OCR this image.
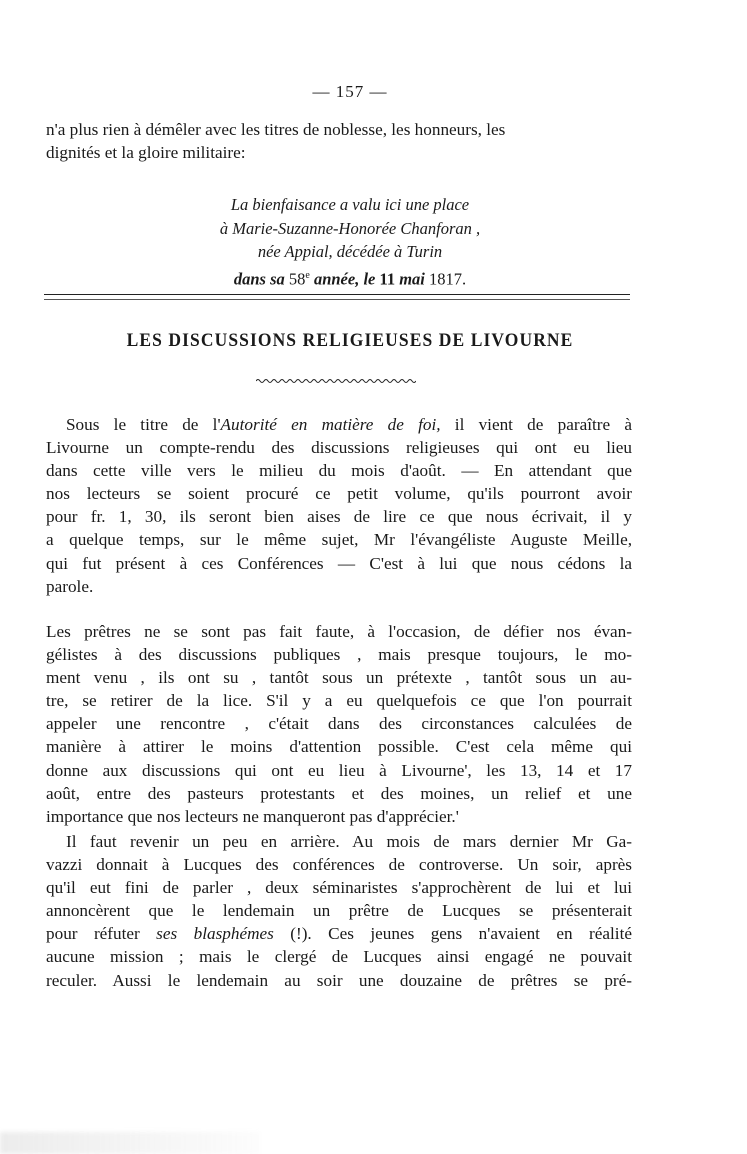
— 157 —
n'a plus rien à démêler avec les titres de noblesse, les honneurs, les
dignités et la gloire militaire:
La bienfaisance a valu ici une place
à Marie-Suzanne-Honorée Chanforan ,
née Appial, décédée à Turin
dans sa 58e année, le 11 mai 1817.
LES DISCUSSIONS RELIGIEUSES DE LIVOURNE
Sous le titre de l'Autorité en matière de foi, il vient de paraître à
Livourne un compte-rendu des discussions religieuses qui ont eu lieu
dans cette ville vers le milieu du mois d'août. — En attendant que
nos lecteurs se soient procuré ce petit volume, qu'ils pourront avoir
pour fr. 1, 30, ils seront bien aises de lire ce que nous écrivait, il y
a quelque temps, sur le même sujet, Mr l'évangéliste Auguste Meille,
qui fut présent à ces Conférences — C'est à lui que nous cédons la
parole.
Les prêtres ne se sont pas fait faute, à l'occasion, de défier nos évan-
gélistes à des discussions publiques , mais presque toujours, le mo-
ment venu , ils ont su , tantôt sous un prétexte , tantôt sous un au-
tre, se retirer de la lice. S'il y a eu quelquefois ce que l'on pourrait
appeler une rencontre , c'était dans des circonstances calculées de
manière à attirer le moins d'attention possible. C'est cela même qui
donne aux discussions qui ont eu lieu à Livourne', les 13, 14 et 17
août, entre des pasteurs protestants et des moines, un relief et une
importance que nos lecteurs ne manqueront pas d'apprécier.'
Il faut revenir un peu en arrière. Au mois de mars dernier Mr Ga-
vazzi donnait à Lucques des conférences de controverse. Un soir, après
qu'il eut fini de parler , deux séminaristes s'approchèrent de lui et lui
annoncèrent que le lendemain un prêtre de Lucques se présenterait
pour réfuter ses blasphémes (!). Ces jeunes gens n'avaient en réalité
aucune mission ; mais le clergé de Lucques ainsi engagé ne pouvait
reculer. Aussi le lendemain au soir une douzaine de prêtres se pré-
